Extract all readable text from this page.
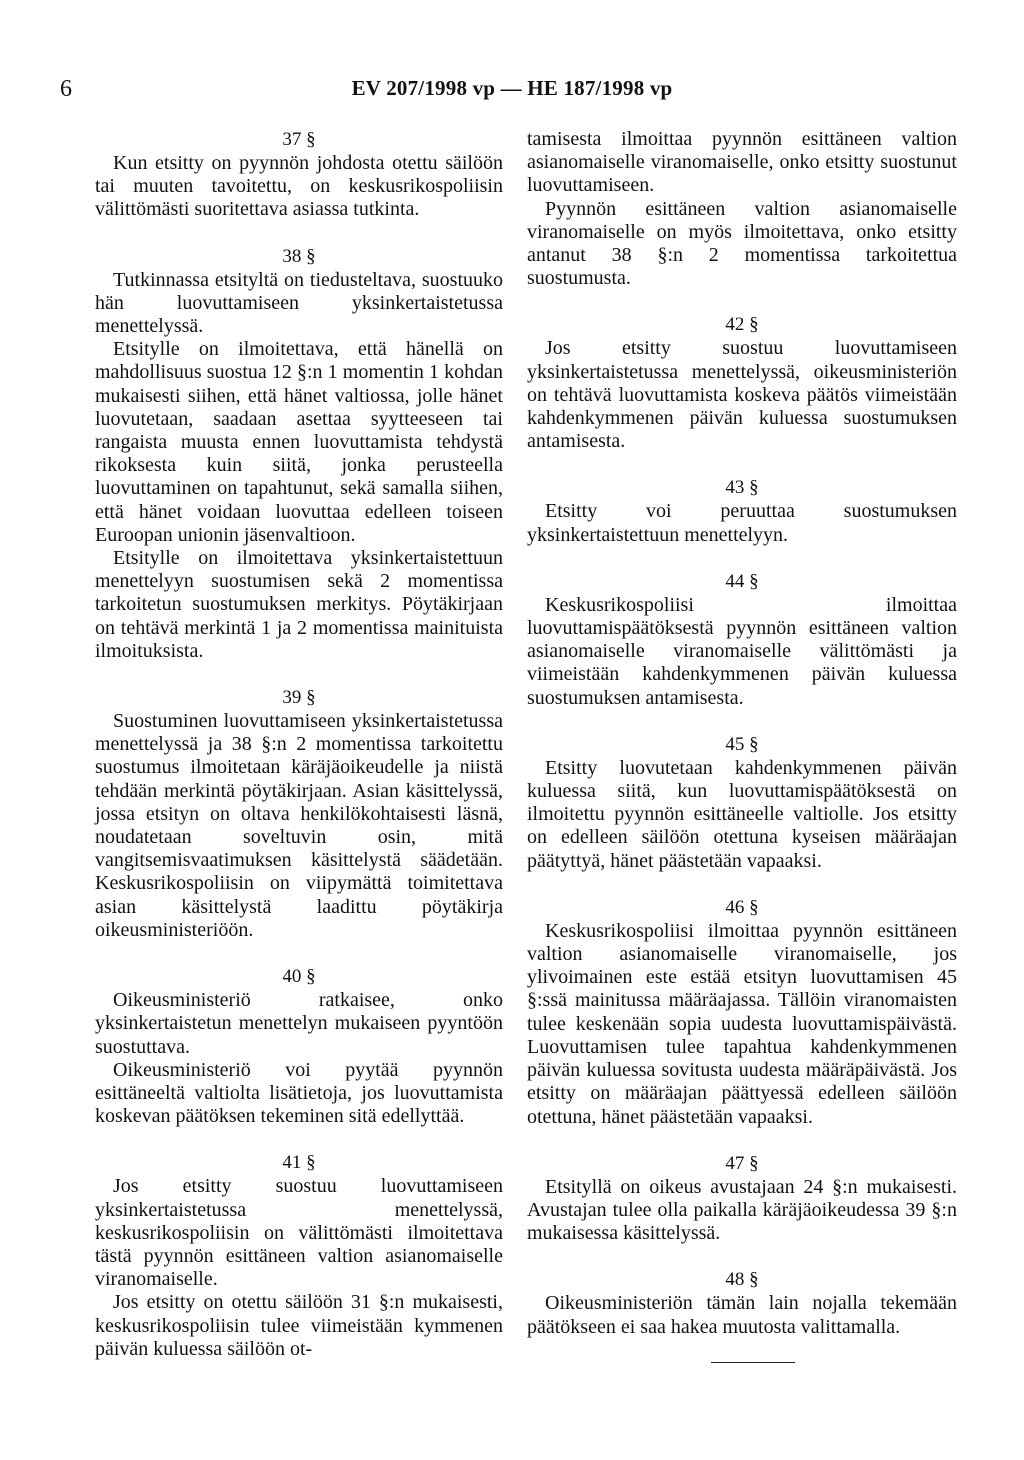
6	EV 207/1998 vp — HE 187/1998 vp
37 §

Kun etsitty on pyynnön johdosta otettu säilöön tai muuten tavoitettu, on keskusrikospoliisin välittömästi suoritettava asiassa tutkinta.

38 §

Tutkinnassa etsityltä on tiedusteltava, suostuuko hän luovuttamiseen yksinkertaistetussa menettelyssä.

Etsitylle on ilmoitettava, että hänellä on mahdollisuus suostua 12 §:n 1 momentin 1 kohdan mukaisesti siihen, että hänet valtiossa, jolle hänet luovutetaan, saadaan asettaa syytteeseen tai rangaista muusta ennen luovuttamista tehdystä rikoksesta kuin siitä, jonka perusteella luovuttaminen on tapahtunut, sekä samalla siihen, että hänet voidaan luovuttaa edelleen toiseen Euroopan unionin jäsenvaltioon.

Etsitylle on ilmoitettava yksinkertaistettuun menettelyyn suostumisen sekä 2 momentissa tarkoitetun suostumuksen merkitys. Pöytäkirjaan on tehtävä merkintä 1 ja 2 momentissa mainituista ilmoituksista.

39 §

Suostuminen luovuttamiseen yksinkertaistetussa menettelyssä ja 38 §:n 2 momentissa tarkoitettu suostumus ilmoitetaan käräjäoikeudelle ja niistä tehdään merkintä pöytäkirjaan. Asian käsittelyssä, jossa etsityn on oltava henkilökohtaisesti läsnä, noudatetaan soveltuvin osin, mitä vangitsemisvaatimuksen käsittelystä säädetään. Keskusrikospoliisin on viipymättä toimitettava asian käsittelystä laadittu pöytäkirja oikeusministeriöön.

40 §

Oikeusministeriö ratkaisee, onko yksinkertaistetun menettelyn mukaiseen pyyntöön suostuttava.

Oikeusministeriö voi pyytää pyynnön esittäneeltä valtiolta lisätietoja, jos luovuttamista koskevan päätöksen tekeminen sitä edellyttää.

41 §

Jos etsitty suostuu luovuttamiseen yksinkertaistetussa menettelyssä, keskusrikospoliisin on välittömästi ilmoitettava tästä pyynnön esittäneen valtion asianomaiselle viranomaiselle.

Jos etsitty on otettu säilöön 31 §:n mukaisesti, keskusrikospoliisin tulee viimeistään kymmenen päivän kuluessa säilöön ot-

tamisesta ilmoittaa pyynnön esittäneen valtion asianomaiselle viranomaiselle, onko etsitty suostunut luovuttamiseen.

Pyynnön esittäneen valtion asianomaiselle viranomaiselle on myös ilmoitettava, onko etsitty antanut 38 §:n 2 momentissa tarkoitettua suostumusta.

42 §

Jos etsitty suostuu luovuttamiseen yksinkertaistetussa menettelyssä, oikeusministeriön on tehtävä luovuttamista koskeva päätös viimeistään kahdenkymmenen päivän kuluessa suostumuksen antamisesta.

43 §

Etsitty voi peruuttaa suostumuksen yksinkertaistettuun menettelyyn.

44 §

Keskusrikospoliisi ilmoittaa luovuttamispäätöksestä pyynnön esittäneen valtion asianomaiselle viranomaiselle välittömästi ja viimeistään kahdenkymmenen päivän kuluessa suostumuksen antamisesta.

45 §

Etsitty luovutetaan kahdenkymmenen päivän kuluessa siitä, kun luovuttamispäätöksestä on ilmoitettu pyynnön esittäneelle valtiolle. Jos etsitty on edelleen säilöön otettuna kyseisen määräajan päätyttyä, hänet päästetään vapaaksi.

46 §

Keskusrikospoliisi ilmoittaa pyynnön esittäneen valtion asianomaiselle viranomaiselle, jos ylivoimainen este estää etsityn luovuttamisen 45 §:ssä mainitussa määräajassa. Tällöin viranomaisten tulee keskenään sopia uudesta luovuttamispäivästä. Luovuttamisen tulee tapahtua kahdenkymmenen päivän kuluessa sovitusta uudesta määräpäivästä. Jos etsitty on määräajan päättyessä edelleen säilöön otettuna, hänet päästetään vapaaksi.

47 §

Etsityllä on oikeus avustajaan 24 §:n mukaisesti. Avustajan tulee olla paikalla käräjäoikeudessa 39 §:n mukaisessa käsittelyssä.

48 §

Oikeusministeriön tämän lain nojalla tekemään päätökseen ei saa hakea muutosta valittamalla.
